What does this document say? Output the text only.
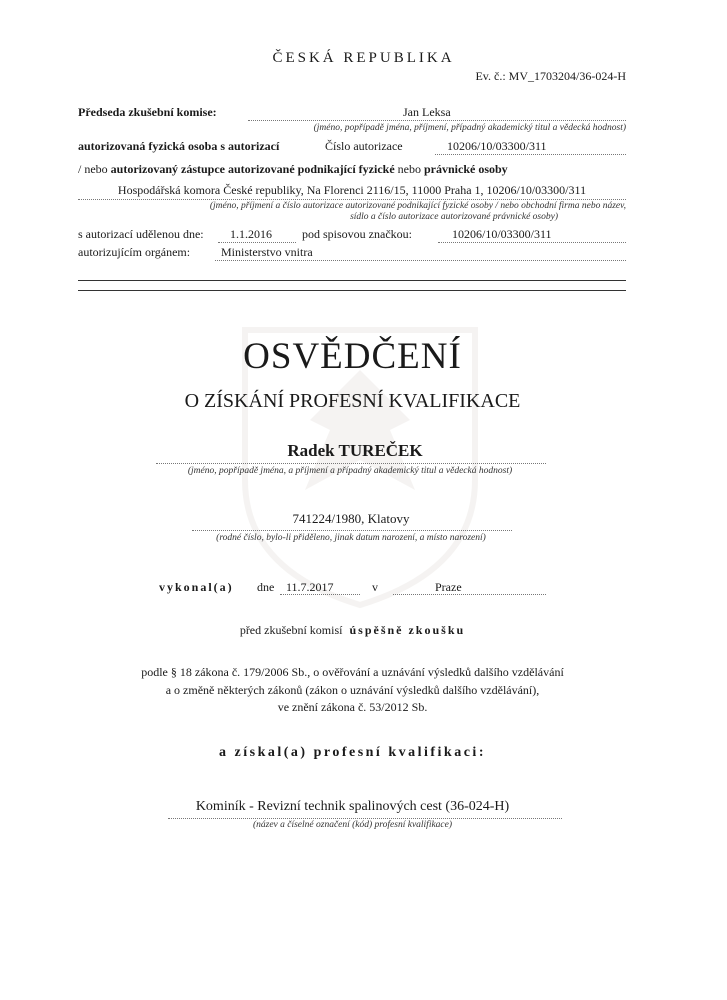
ČESKÁ REPUBLIKA
Ev. č.: MV_1703204/36-024-H
Předseda zkušební komise:	Jan Leksa
(jméno, popřípadě jména, příjmení, případný akademický titul a vědecká hodnost)
autorizovaná fyzická osoba s autorizací	Číslo autorizace	10206/10/03300/311
/ nebo autorizovaný zástupce autorizované podnikající fyzické nebo právnické osoby
Hospodářská komora České republiky, Na Florenci 2116/15, 11000 Praha 1, 10206/10/03300/311
(jméno, příjmení a číslo autorizace autorizované podnikající fyzické osoby / nebo obchodní firma nebo název,
sídlo a číslo autorizace autorizované právnické osoby)
s autorizací udělenou dne: 1.1.2016	pod spisovou značkou:	10206/10/03300/311
autorizujícím orgánem:	Ministerstvo vnitra
OSVĚDČENÍ
O ZÍSKÁNÍ PROFESNÍ KVALIFIKACE
Radek TUREČEK
(jméno, popřípadě jména, a příjmení a případný akademický titul a vědecká hodnost)
741224/1980, Klatovy
(rodné číslo, bylo-li přiděleno, jinak datum narození, a místo narození)
vykonal(a) dne 11.7.2017	v	Praze
před zkušební komisí úspěšně zkoušku
podle § 18 zákona č. 179/2006 Sb., o ověřování a uznávání výsledků dalšího vzdělávání
a o změně některých zákonů (zákon o uznávání výsledků dalšího vzdělávání),
ve znění zákona č. 53/2012 Sb.
a získal(a) profesní kvalifikaci:
Kominík - Revizní technik spalinových cest (36-024-H)
(název a číselné označení (kód) profesní kvalifikace)
